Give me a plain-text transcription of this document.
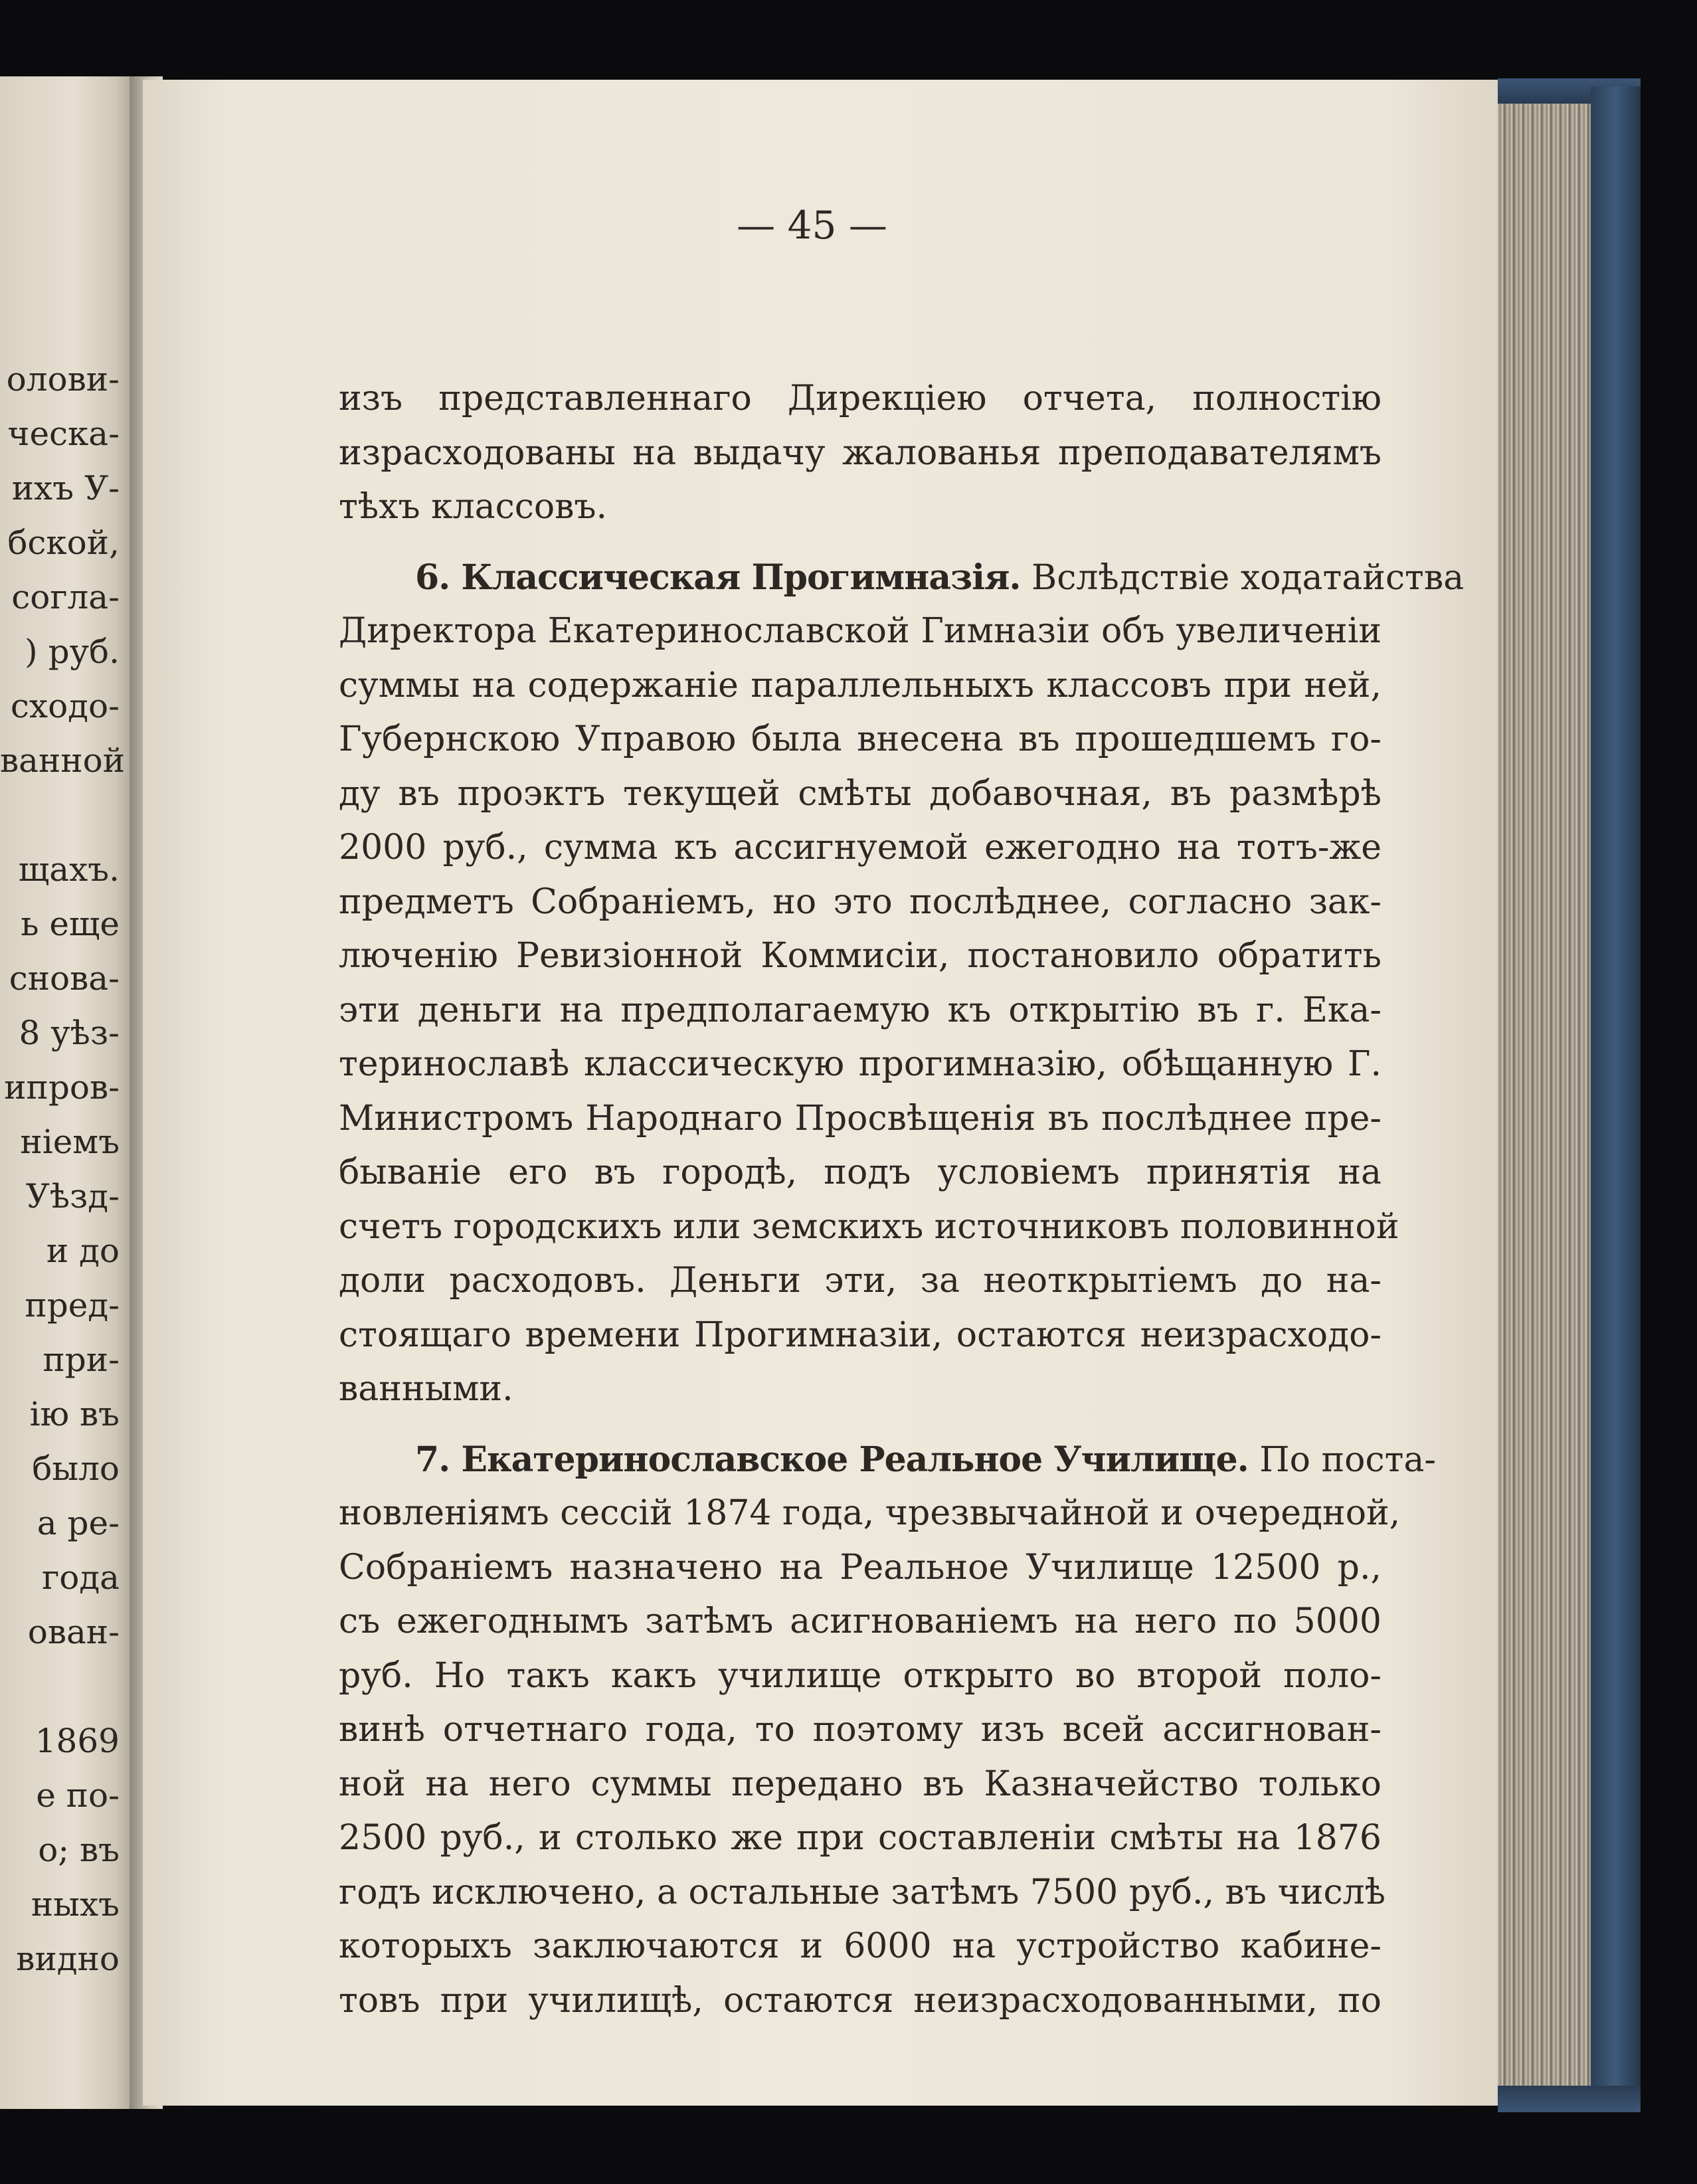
олови-
ческа-
ихъ У-
бской,
согла-
) руб.
сходо-
ванной
щахъ.
ь еще
снова-
8 уѣз-
ипров-
ніемъ
Уѣзд-
и до
пред-
при-
ію въ
было
а ре-
года
ован-
1869
е по-
о; въ
ныхъ
видно
— 45 —
изъ представленнаго Дирекціею отчета, полностію
израсходованы на выдачу жалованья преподавателямъ
тѣхъ классовъ.
6. Классическая Прогимназія. Вслѣдствіе ходатайства
Директора Екатеринославской Гимназіи объ увеличеніи
суммы на содержаніе параллельныхъ классовъ при ней,
Губернскою Управою была внесена въ прошедшемъ го-
ду въ проэктъ текущей смѣты добавочная, въ размѣрѣ
2000 руб., сумма къ ассигнуемой ежегодно на тотъ-же
предметъ Собраніемъ, но это послѣднее, согласно зак-
люченію Ревизіонной Коммисіи, постановило обратить
эти деньги на предполагаемую къ открытію въ г. Ека-
теринославѣ классическую прогимназію, обѣщанную Г.
Министромъ Народнаго Просвѣщенія въ послѣднее пре-
бываніе его въ городѣ, подъ условіемъ принятія на
счетъ городскихъ или земскихъ источниковъ половинной
доли расходовъ. Деньги эти, за неоткрытіемъ до на-
стоящаго времени Прогимназіи, остаются неизрасходо-
ванными.
7. Екатеринославское Реальное Училище. По поста-
новленіямъ сессій 1874 года, чрезвычайной и очередной,
Собраніемъ назначено на Реальное Училище 12500 р.,
съ ежегоднымъ затѣмъ асигнованіемъ на него по 5000
руб. Но такъ какъ училище открыто во второй поло-
винѣ отчетнаго года, то поэтому изъ всей ассигнован-
ной на него суммы передано въ Казначейство только
2500 руб., и столько же при составленіи смѣты на 1876
годъ исключено, а остальные затѣмъ 7500 руб., въ числѣ
которыхъ заключаются и 6000 на устройство кабине-
товъ при училищѣ, остаются неизрасходованными, по
